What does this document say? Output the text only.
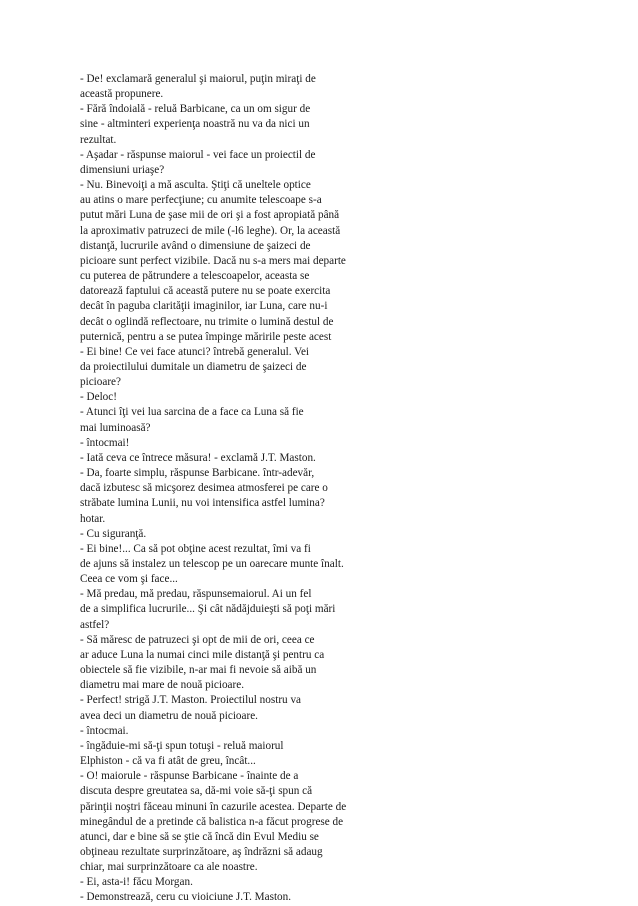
- De! exclamară generalul şi maiorul, puţin miraţi de
această propunere.
- Fără îndoială - reluă Barbicane, ca un om sigur de
sine - altminteri experienţa noastră nu va da nici un
rezultat.
- Aşadar - răspunse maiorul - vei face un proiectil de
dimensiuni uriaşe?
- Nu. Binevoiţi a mă asculta. Ştiţi că uneltele optice
au atins o mare perfecţiune; cu anumite telescoape s-a
putut mări Luna de şase mii de ori şi a fost apropiată până
la aproximativ patruzeci de mile (-l6 leghe). Or, la această
distanţă, lucrurile având o dimensiune de şaizeci de
picioare sunt perfect vizibile. Dacă nu s-a mers mai departe
cu puterea de pătrundere a telescoapelor, aceasta se
datorează faptului că această putere nu se poate exercita
decât în paguba clarităţii imaginilor, iar Luna, care nu-i
decât o oglindă reflectoare, nu trimite o lumină destul de
puternică, pentru a se putea împinge măririle peste acest
- Ei bine! Ce vei face atunci? întrebă generalul. Vei
da proiectilului dumitale un diametru de şaizeci de
picioare?
- Deloc!
- Atunci îţi vei lua sarcina de a face ca Luna să fie
mai luminoasă?
- întocmai!
- Iată ceva ce întrece măsura! - exclamă J.T. Maston.
- Da, foarte simplu, răspunse Barbicane. într-adevăr,
dacă izbutesc să micşorez desimea atmosferei pe care o
străbate lumina Lunii, nu voi intensifica astfel lumina?
hotar.
- Cu siguranţă.
- Ei bine!... Ca să pot obţine acest rezultat, îmi va fi
de ajuns să instalez un telescop pe un oarecare munte înalt.
Ceea ce vom şi face...
- Mă predau, mă predau, răspunsemaiorul. Ai un fel
de a simplifica lucrurile... Şi cât nădăjduieşti să poţi mări
astfel?
- Să măresc de patruzeci şi opt de mii de ori, ceea ce
ar aduce Luna la numai cinci mile distanţă şi pentru ca
obiectele să fie vizibile, n-ar mai fi nevoie să aibă un
diametru mai mare de nouă picioare.
- Perfect! strigă J.T. Maston. Proiectilul nostru va
avea deci un diametru de nouă picioare.
- întocmai.
- îngăduie-mi să-ţi spun totuşi - reluă maiorul
Elphiston - că va fi atât de greu, încât...
- O! maiorule - răspunse Barbicane - înainte de a
discuta despre greutatea sa, dă-mi voie să-ţi spun că
părinţii noştri făceau minuni în cazurile acestea. Departe de
minegândul de a pretinde că balistica n-a făcut progrese de
atunci, dar e bine să se ştie că încă din Evul Mediu se
obţineau rezultate surprinzătoare, aş îndrăzni să adaug
chiar, mai surprinzătoare ca ale noastre.
- Ei, asta-i! făcu Morgan.
- Demonstrează, ceru cu vioiciune J.T. Maston.
